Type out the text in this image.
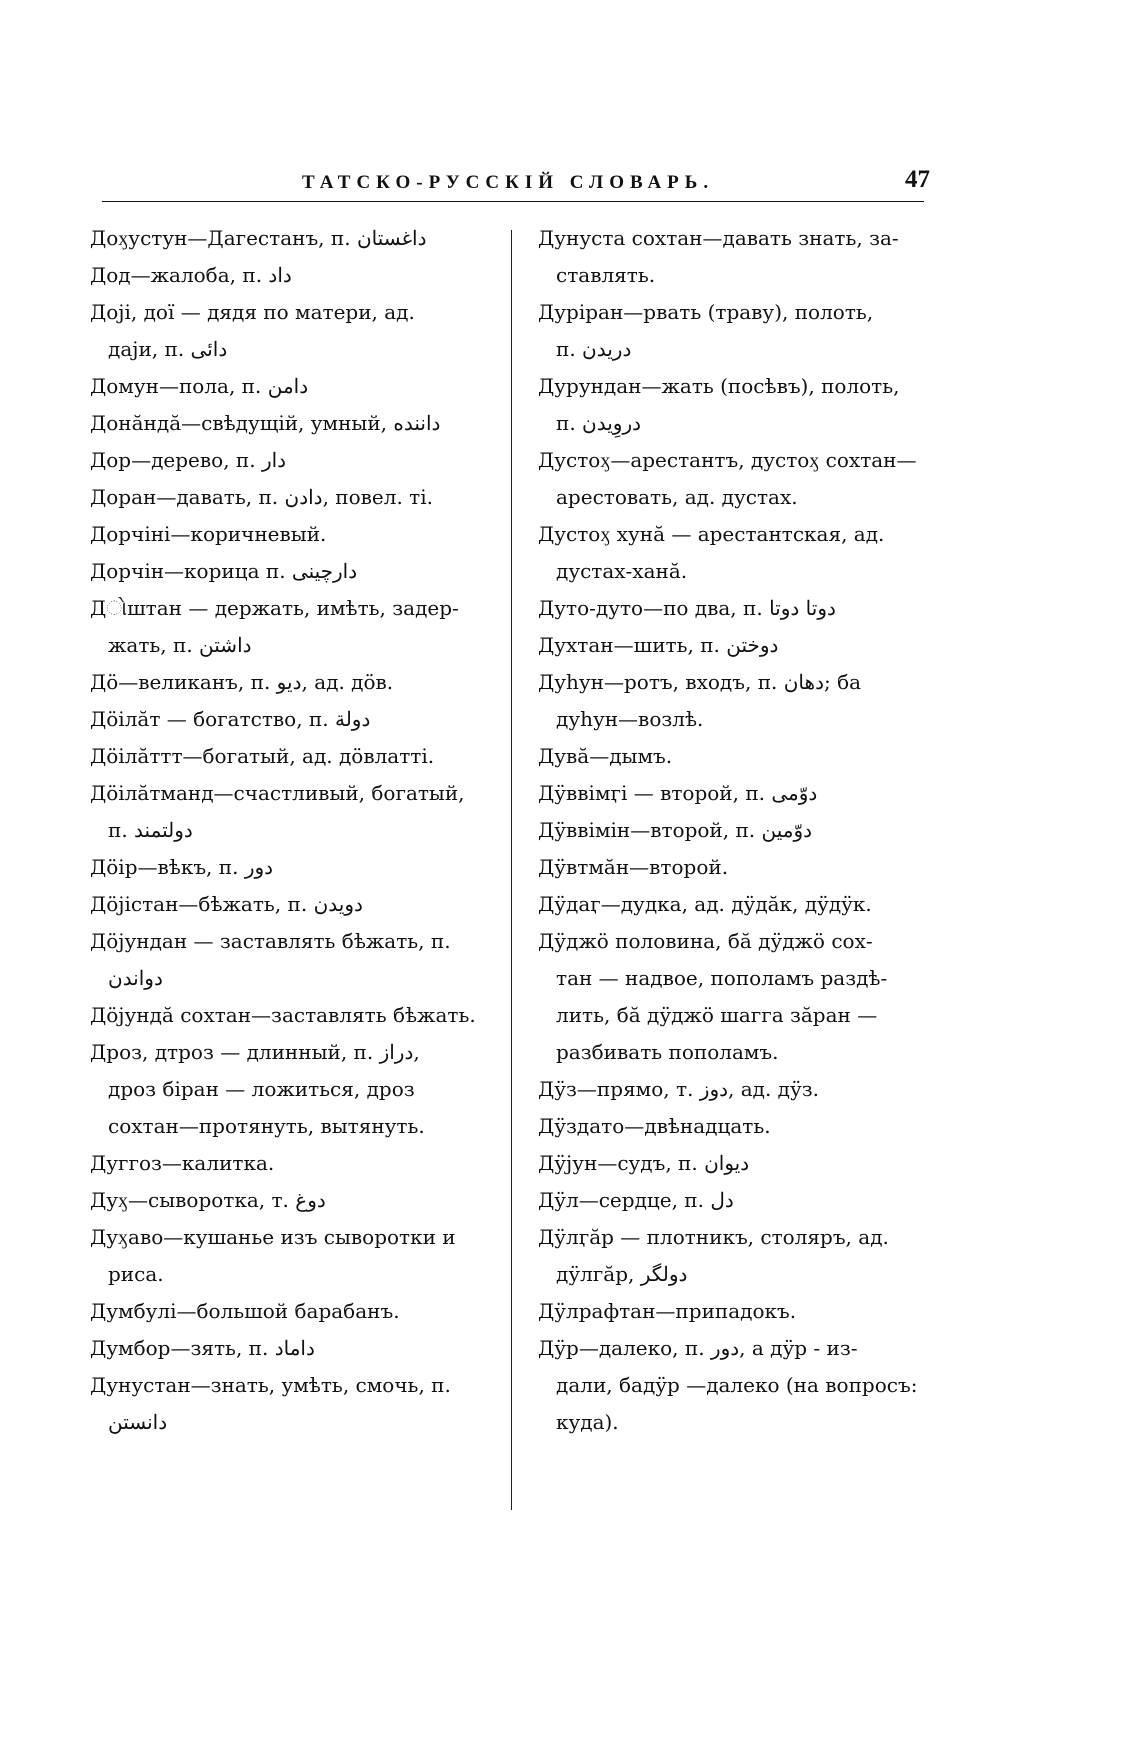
ТАТСКО-РУССКІЙ СЛОВАРЬ.	47

Доӽустун—Дагестанъ, п. داغستان

Дод—жалоба, п. داد

Доjі, доï — дядя по матери, ад.
даjи, п. دائى

Домун—пола, п. دامن

Донăндă—свѣдущій, умный, داننده

Дор—дерево, п. دار

Доран—давать, п. دادن, повел. ті.

Дорчіні—коричневый.

Дорчін—корица п. دارچینی

Дોштан — держать, имѣть, задер-
жать, п. داشتن

Дö—великанъ, п. دیو, ад. дöв.

Дöiлăт — богатство, п. دولة

Дöiлăттт—богатый, ад. дöвлатті.

Дöiлăтманд—счастливый, богатый,
п. دولتمند

Дöiр—вѣкъ, п. دور

Дöjістан—бѣжать, п. دويدن

Дöjундан — заставлять бѣжать, п.
دواندن

Дöjундă сохтан—заставлять бѣжать.

Дроз, дтроз — длинный, п. دراز,
дроз біран — ложиться, дроз
сохтан—протянуть, вытянуть.

Дуггоз—калитка.

Дуӽ—сыворотка, т. دوغ

Дуӽаво—кушанье изъ сыворотки и
риса.

Думбулі—большой барабанъ.

Думбор—зять, п. داماد

Дунустан—знать, умѣть, смочь, п.
دانستن

Дунуста сохтан—давать знать, за-
ставлять.

Дуріран—рвать (траву), полоть,
п. دريدن

Дурундан—жать (посѣвъ), полоть,
п. دروِيدن

Дустоӽ—арестантъ, дустоӽ сохтан—
арестовать, ад. дустах.

Дустоӽ хунă — арестантская, ад.
дустах-ханă.

Дуто-дуто—по два, п. دوتا دوتا

Духтан—шить, п. دوختن

Дуһун—ротъ, входъ, п. دهان; ба
дуһун—возлѣ.

Дувă—дымъ.

Дӱввiмӷі — второй, п. دوّمی

Дӱввiмiн—второй, п. دوّمين

Дӱвтмăн—второй.

Дӱдаӷ—дудка, ад. дӱдăк, дӱдӱк.

Дӱджö половина, бă дӱджö сох-
тан — надвое, пополамъ раздѣ-
лить, бă дӱджö шагга зăран —

разбивать пополамъ.

Дӱз—прямо, т. دوز, ад. дӱз.

Дӱздато—двѣнадцать.

Дӱjун—судъ, п. ديوان

Дӱл—сердце, п. دل

Дӱлӷăр — плотникъ, столяръ, ад.
дӱлгăр, دولگر

Дӱлрафтан—припадокъ.

Дӱр—далеко, п. دور, а дӱр - из-
дали, бадӱр —далеко (на вопросъ:
куда).
